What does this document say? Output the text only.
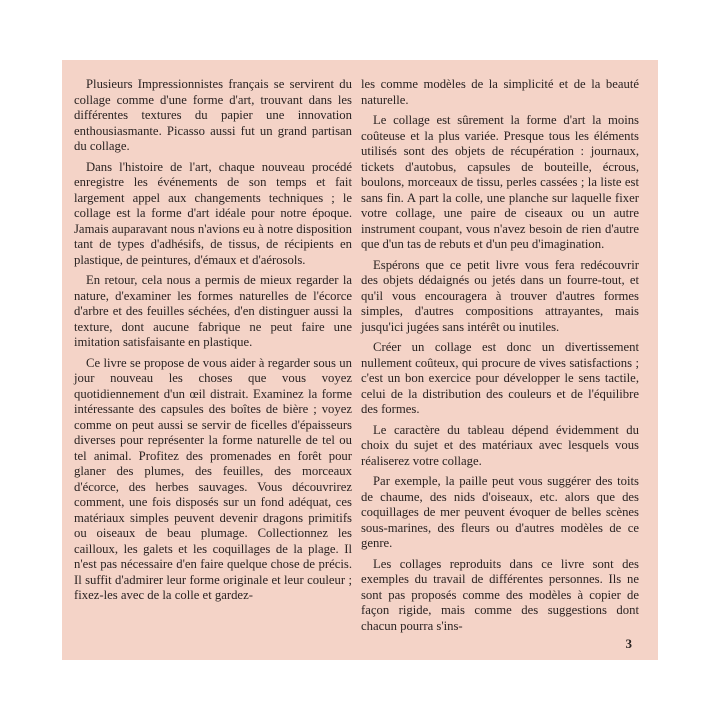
Plusieurs Impressionnistes français se servirent du collage comme d'une forme d'art, trouvant dans les différentes textures du papier une innovation enthousiasmante. Picasso aussi fut un grand partisan du collage.

Dans l'histoire de l'art, chaque nouveau procédé enregistre les événements de son temps et fait largement appel aux changements techniques ; le collage est la forme d'art idéale pour notre époque. Jamais auparavant nous n'avions eu à notre disposition tant de types d'adhésifs, de tissus, de récipients en plastique, de peintures, d'émaux et d'aérosols.

En retour, cela nous a permis de mieux regarder la nature, d'examiner les formes naturelles de l'écorce d'arbre et des feuilles séchées, d'en distinguer aussi la texture, dont aucune fabrique ne peut faire une imitation satisfaisante en plastique.

Ce livre se propose de vous aider à regarder sous un jour nouveau les choses que vous voyez quotidiennement d'un œil distrait. Examinez la forme intéressante des capsules des boîtes de bière ; voyez comme on peut aussi se servir de ficelles d'épaisseurs diverses pour représenter la forme naturelle de tel ou tel animal. Profitez des promenades en forêt pour glaner des plumes, des feuilles, des morceaux d'écorce, des herbes sauvages. Vous découvrirez comment, une fois disposés sur un fond adéquat, ces matériaux simples peuvent devenir dragons primitifs ou oiseaux de beau plumage. Collectionnez les cailloux, les galets et les coquillages de la plage. Il n'est pas nécessaire d'en faire quelque chose de précis. Il suffit d'admirer leur forme originale et leur couleur ; fixez-les avec de la colle et gardez-

les comme modèles de la simplicité et de la beauté naturelle.

Le collage est sûrement la forme d'art la moins coûteuse et la plus variée. Presque tous les éléments utilisés sont des objets de récupération : journaux, tickets d'autobus, capsules de bouteille, écrous, boulons, morceaux de tissu, perles cassées ; la liste est sans fin. A part la colle, une planche sur laquelle fixer votre collage, une paire de ciseaux ou un autre instrument coupant, vous n'avez besoin de rien d'autre que d'un tas de rebuts et d'un peu d'imagination.

Espérons que ce petit livre vous fera redécouvrir des objets dédaignés ou jetés dans un fourre-tout, et qu'il vous encouragera à trouver d'autres formes simples, d'autres compositions attrayantes, mais jusqu'ici jugées sans intérêt ou inutiles.

Créer un collage est donc un divertissement nullement coûteux, qui procure de vives satisfactions ; c'est un bon exercice pour développer le sens tactile, celui de la distribution des couleurs et de l'équilibre des formes.

Le caractère du tableau dépend évidemment du choix du sujet et des matériaux avec lesquels vous réaliserez votre collage.

Par exemple, la paille peut vous suggérer des toits de chaume, des nids d'oiseaux, etc. alors que des coquillages de mer peuvent évoquer de belles scènes sous-marines, des fleurs ou d'autres modèles de ce genre.

Les collages reproduits dans ce livre sont des exemples du travail de différentes personnes. Ils ne sont pas proposés comme des modèles à copier de façon rigide, mais comme des suggestions dont chacun pourra s'ins-

3
